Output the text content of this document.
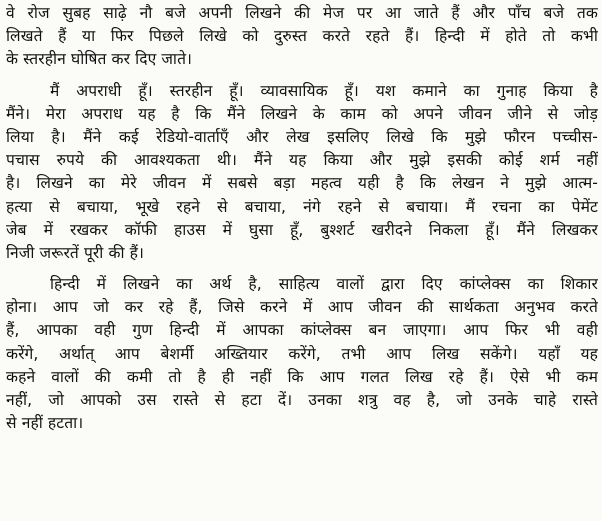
वे रोज सुबह साढ़े नौ बजे अपनी लिखने की मेज पर आ जाते हैं और पाँच बजे तक
लिखते हैं या फिर पिछले लिखे को दुरुस्त करते रहते हैं। हिन्दी में होते तो कभी
के स्तरहीन घोषित कर दिए जाते।
मैं अपराधी हूँ। स्तरहीन हूँ। व्यावसायिक हूँ। यश कमाने का गुनाह किया है
मैंने। मेरा अपराध यह है कि मैंने लिखने के काम को अपने जीवन जीने से जोड़
लिया है। मैंने कई रेडियो-वार्ताएँ और लेख इसलिए लिखे कि मुझे फौरन पच्चीस-
पचास रुपये की आवश्यकता थी। मैंने यह किया और मुझे इसकी कोई शर्म नहीं
है। लिखने का मेरे जीवन में सबसे बड़ा महत्व यही है कि लेखन ने मुझे आत्म-
हत्या से बचाया, भूखे रहने से बचाया, नंगे रहने से बचाया। मैं रचना का पेमेंट
जेब में रखकर कॉफी हाउस में घुसा हूँ, बुश्शर्ट खरीदने निकला हूँ। मैंने लिखकर
निजी जरूरतें पूरी की हैं।
हिन्दी में लिखने का अर्थ है, साहित्य वालों द्वारा दिए कांप्लेक्स का शिकार
होना। आप जो कर रहे हैं, जिसे करने में आप जीवन की सार्थकता अनुभव करते
हैं, आपका वही गुण हिन्दी में आपका कांप्लेक्स बन जाएगा। आप फिर भी वही
करेंगे, अर्थात् आप बेशर्मी अख्तियार करेंगे, तभी आप लिख सकेंगे। यहाँ यह
कहने वालों की कमी तो है ही नहीं कि आप गलत लिख रहे हैं। ऐसे भी कम
नहीं, जो आपको उस रास्ते से हटा दें। उनका शत्रु वह है, जो उनके चाहे रास्ते
से नहीं हटता।
